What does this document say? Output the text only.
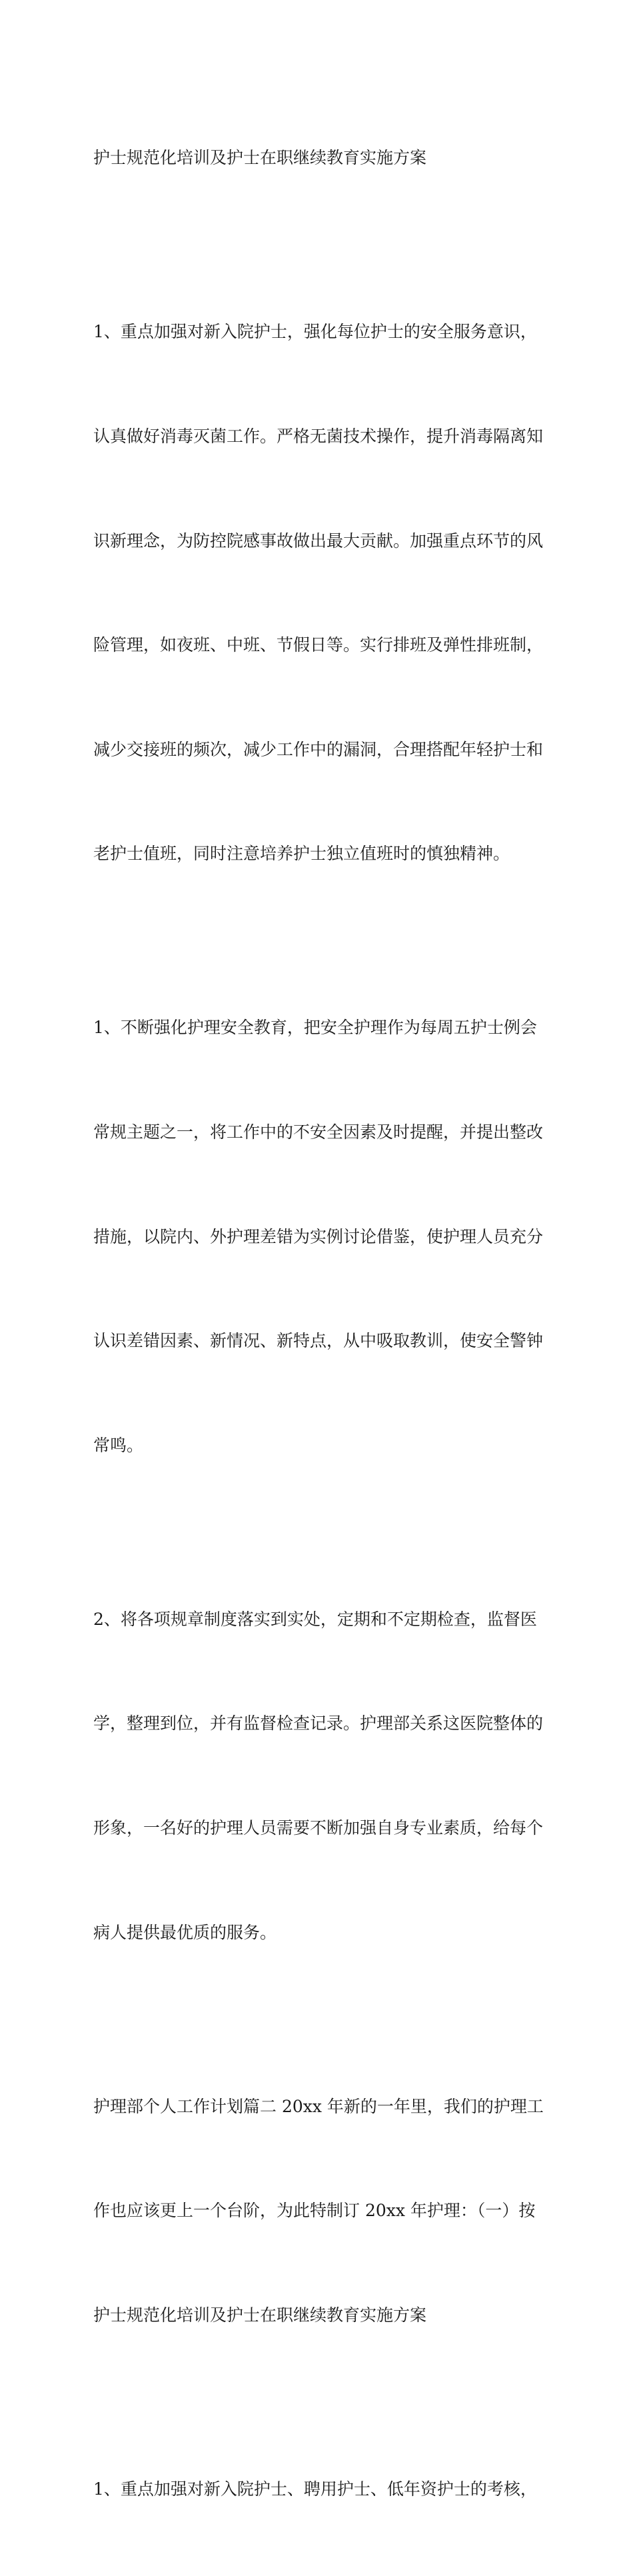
护士规范化培训及护士在职继续教育实施方案

1、重点加强对新入院护士，强化每位护士的安全服务意识，

认真做好消毒灭菌工作。严格无菌技术操作，提升消毒隔离知

识新理念，为防控院感事故做出最大贡献。加强重点环节的风

险管理，如夜班、中班、节假日等。实行排班及弹性排班制，

减少交接班的频次，减少工作中的漏洞，合理搭配年轻护士和

老护士值班，同时注意培养护士独立值班时的慎独精神。

1、不断强化护理安全教育，把安全护理作为每周五护士例会

常规主题之一，将工作中的不安全因素及时提醒，并提出整改

措施，以院内、外护理差错为实例讨论借鉴，使护理人员充分

认识差错因素、新情况、新特点，从中吸取教训，使安全警钟

常鸣。

2、将各项规章制度落实到实处，定期和不定期检查，监督医

学，整理到位，并有监督检查记录。护理部关系这医院整体的

形象，一名好的护理人员需要不断加强自身专业素质，给每个

病人提供最优质的服务。

护理部个人工作计划篇二 20xx 年新的一年里，我们的护理工

作也应该更上一个台阶，为此特制订 20xx 年护理：（一）按

护士规范化培训及护士在职继续教育实施方案

1、重点加强对新入院护士、聘用护士、低年资护士的考核，
